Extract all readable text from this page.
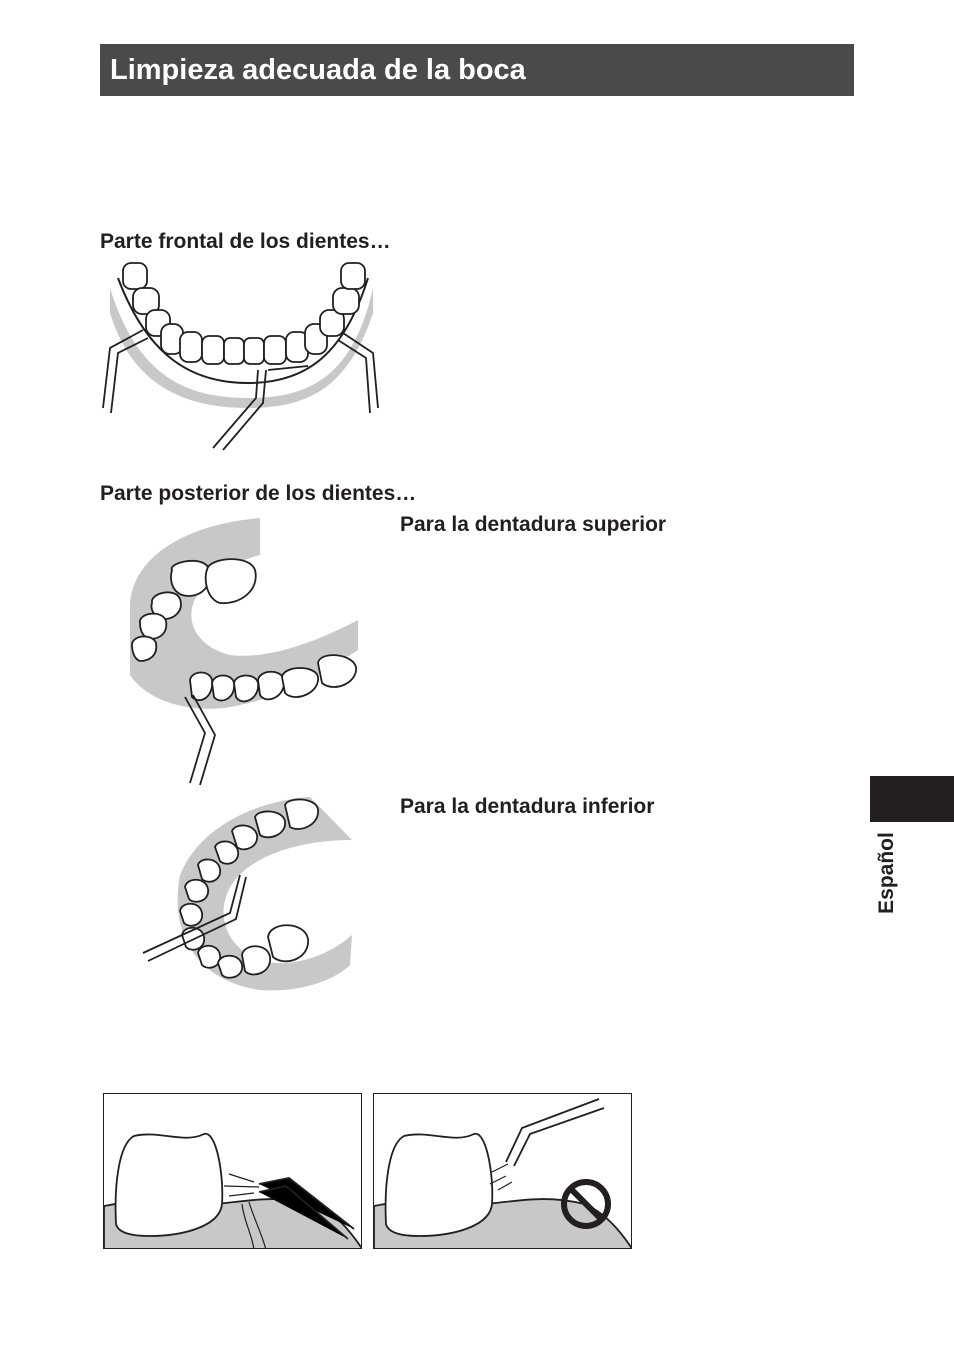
Limpieza adecuada de la boca
Parte frontal de los dientes…
Parte posterior de los dientes…
Para la dentadura superior
Para la dentadura inferior
Español
